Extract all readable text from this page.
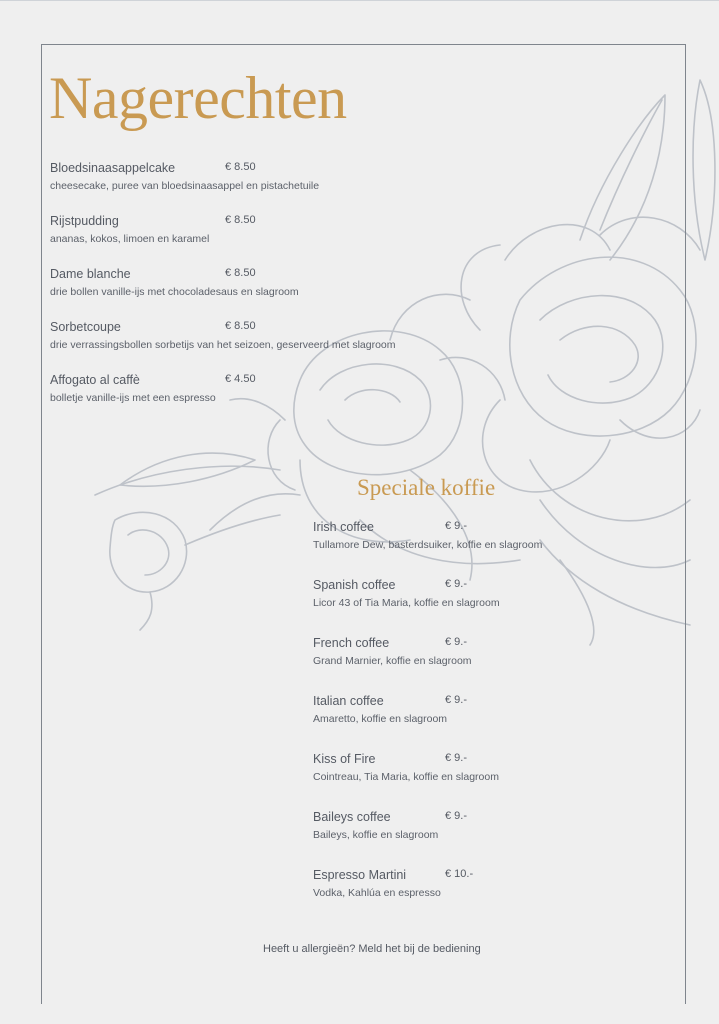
Nagerechten
Bloedsinaasappelcake	€ 8.50
cheesecake, puree van bloedsinaasappel en pistachetuile
Rijstpudding	€ 8.50
ananas, kokos, limoen en karamel
Dame blanche	€ 8.50
drie bollen vanille-ijs met chocoladesaus en slagroom
Sorbetcoupe	€ 8.50
drie verrassingsbollen sorbetijs van het seizoen, geserveerd met slagroom
Affogato al caffè	€ 4.50
bolletje vanille-ijs met een espresso
Speciale koffie
Irish coffee	€ 9.-
Tullamore Dew, basterdsuiker, koffie en slagroom
Spanish coffee	€ 9.-
Licor 43 of Tia Maria, koffie en slagroom
French coffee	€ 9.-
Grand Marnier, koffie en slagroom
Italian coffee	€ 9.-
Amaretto, koffie en slagroom
Kiss of Fire	€ 9.-
Cointreau, Tia Maria, koffie en slagroom
Baileys coffee	€ 9.-
Baileys, koffie en slagroom
Espresso Martini	€ 10.-
Vodka, Kahlúa en espresso
Heeft u allergieën? Meld het bij de bediening
